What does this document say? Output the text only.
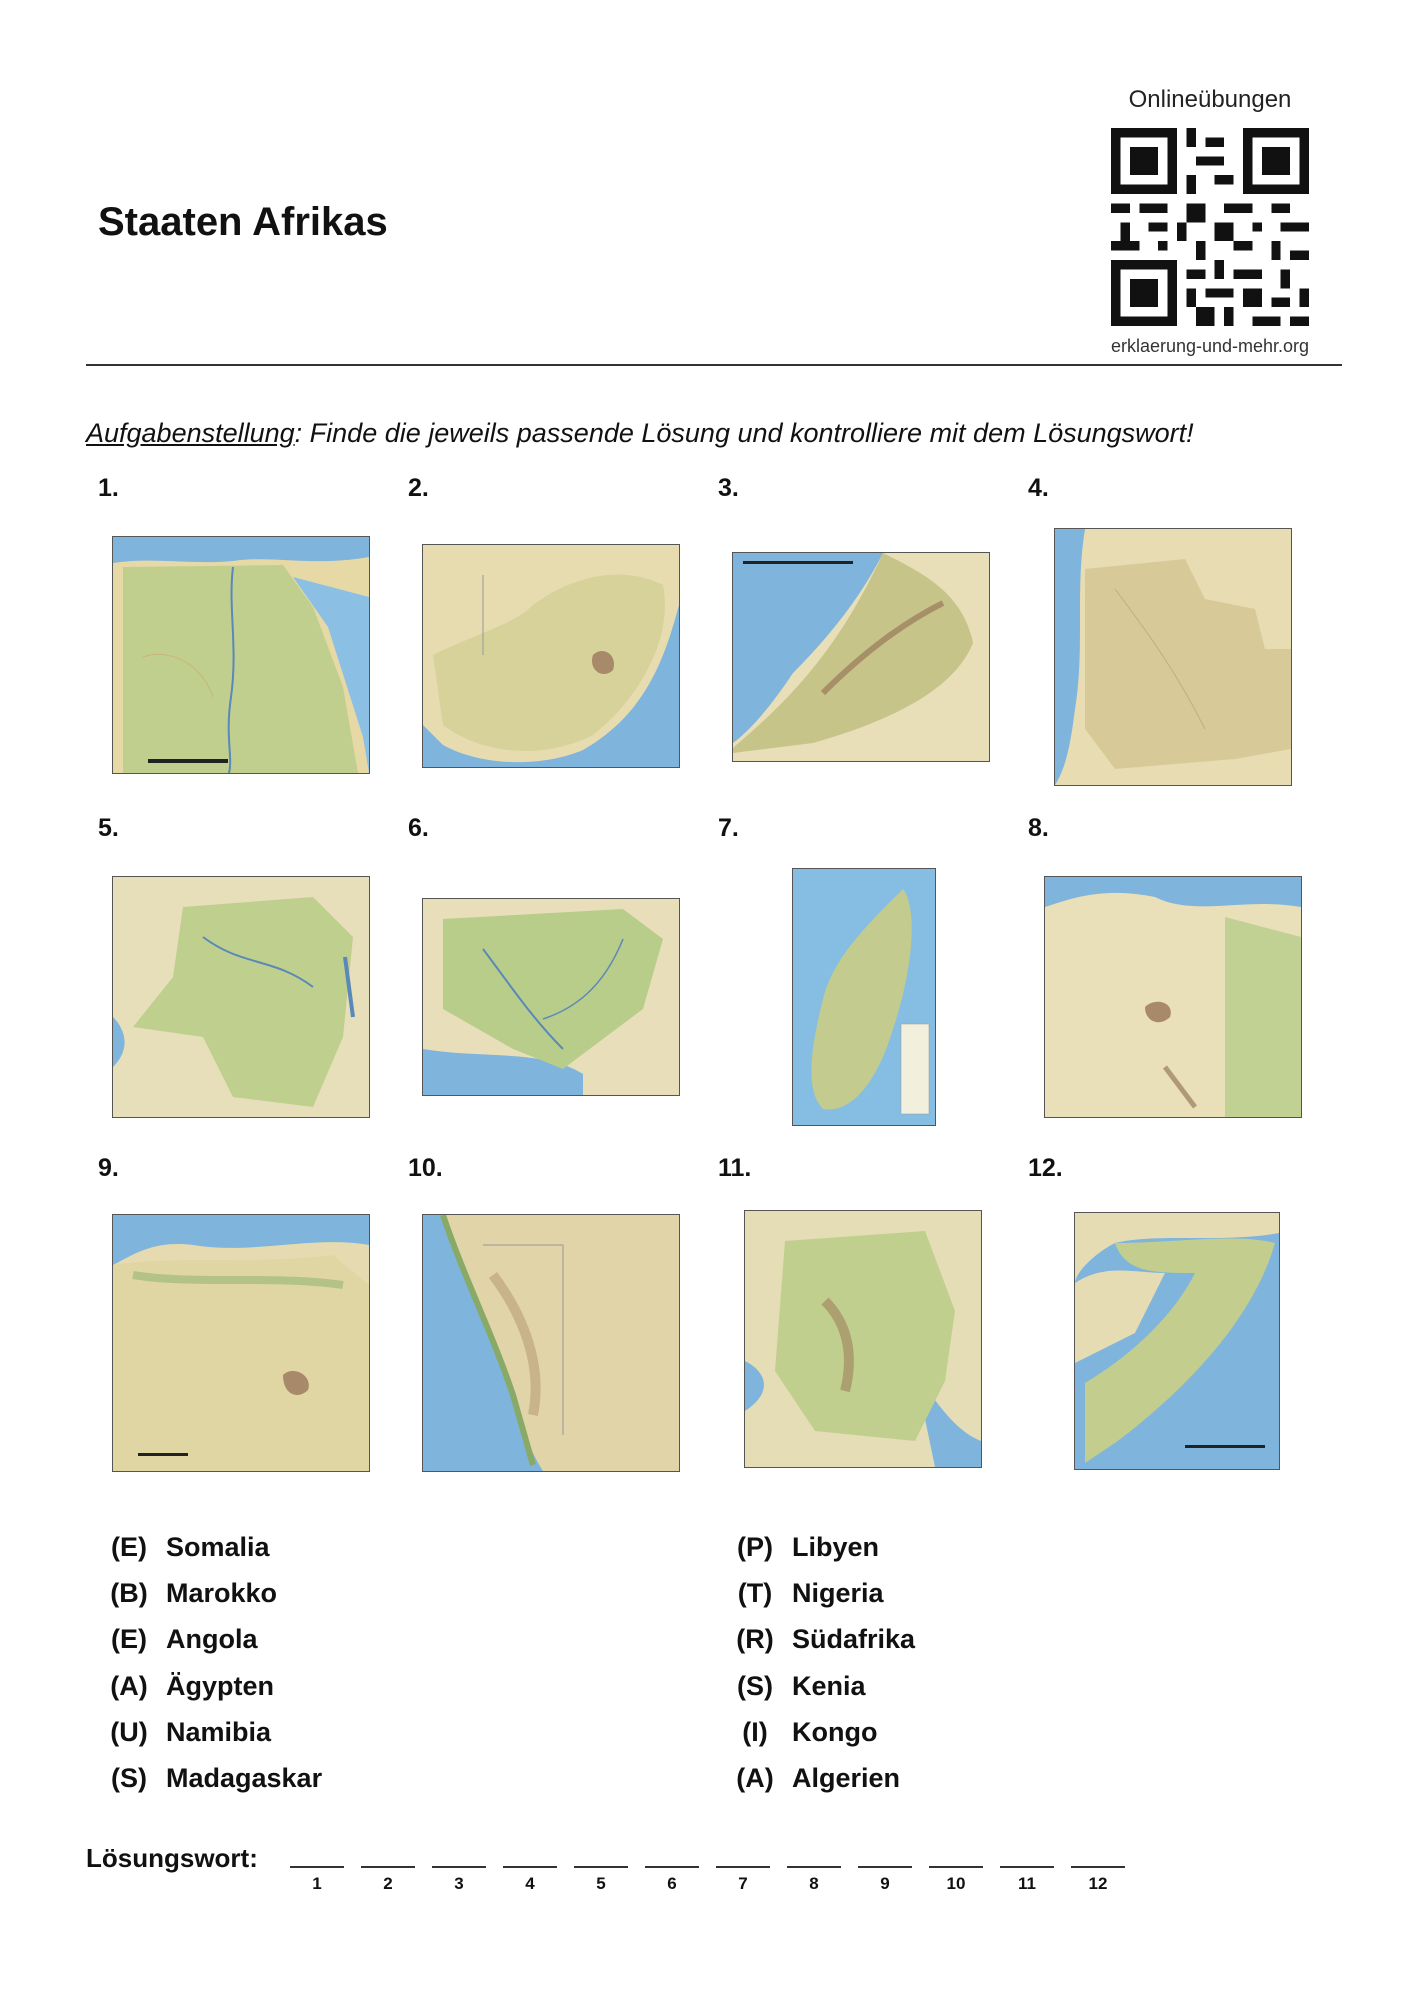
Staaten Afrikas
Onlineübungen
erklaerung-und-mehr.org
Aufgabenstellung: Finde die jeweils passende Lösung und kontrolliere mit dem Lösungswort!
1.	2.	3.	4.
5.	6.	7.	8.
9.	10.	11.	12.
(E) Somalia
(B) Marokko
(E) Angola
(A) Ägypten
(U) Namibia
(S) Madagaskar
(P) Libyen
(T) Nigeria
(R) Südafrika
(S) Kenia
(I) Kongo
(A) Algerien
Lösungswort:
1	2	3	4	5	6	7	8	9	10	11	12
